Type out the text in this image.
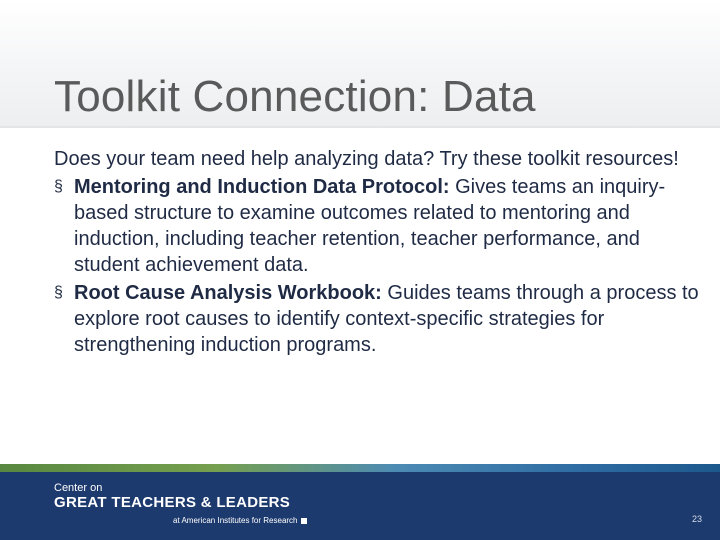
Toolkit Connection: Data

Does your team need help analyzing data? Try these toolkit resources!

§ Mentoring and Induction Data Protocol: Gives teams an inquiry-based structure to examine outcomes related to mentoring and induction, including teacher retention, teacher performance, and student achievement data.
§ Root Cause Analysis Workbook: Guides teams through a process to explore root causes to identify context-specific strategies for strengthening induction programs.
Center on
GREAT TEACHERS & LEADERS
at American Institutes for Research	23
